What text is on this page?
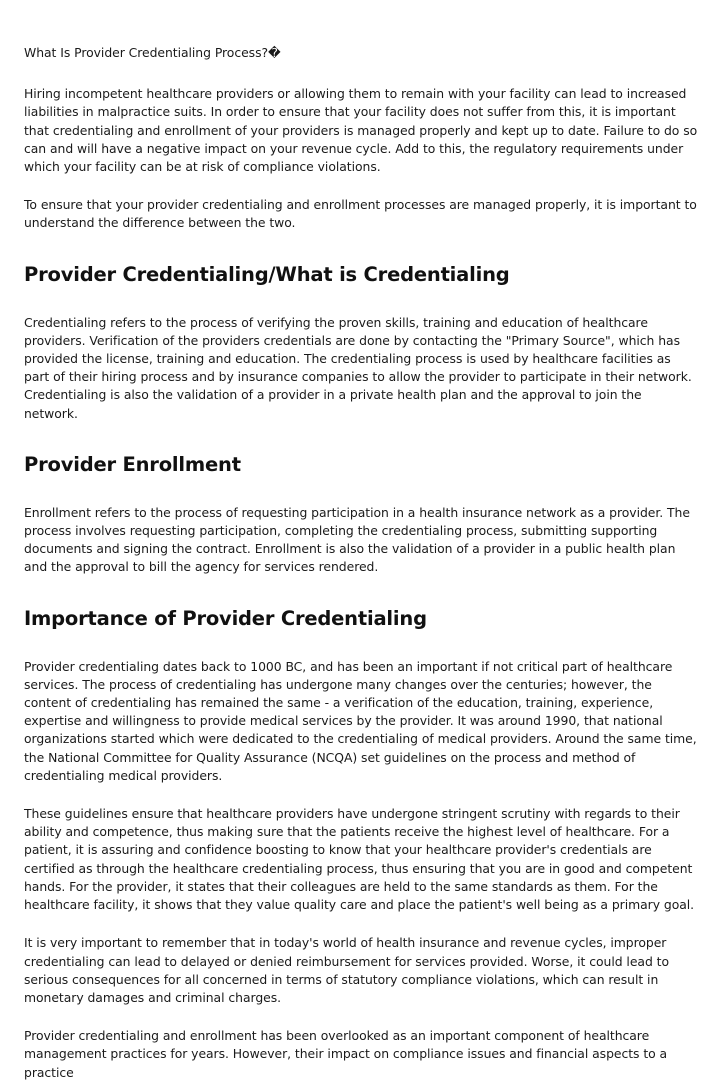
What Is Provider Credentialing Process?�

Hiring incompetent healthcare providers or allowing them to remain with your facility can lead to increased liabilities in malpractice suits. In order to ensure that your facility does not suffer from this, it is important that credentialing and enrollment of your providers is managed properly and kept up to date. Failure to do so can and will have a negative impact on your revenue cycle. Add to this, the regulatory requirements under which your facility can be at risk of compliance violations.

To ensure that your provider credentialing and enrollment processes are managed properly, it is important to understand the difference between the two.

Provider Credentialing/What is Credentialing

Credentialing refers to the process of verifying the proven skills, training and education of healthcare providers. Verification of the providers credentials are done by contacting the "Primary Source", which has provided the license, training and education. The credentialing process is used by healthcare facilities as part of their hiring process and by insurance companies to allow the provider to participate in their network. Credentialing is also the validation of a provider in a private health plan and the approval to join the network.

Provider Enrollment

Enrollment refers to the process of requesting participation in a health insurance network as a provider. The process involves requesting participation, completing the credentialing process, submitting supporting documents and signing the contract. Enrollment is also the validation of a provider in a public health plan and the approval to bill the agency for services rendered.

Importance of Provider Credentialing

Provider credentialing dates back to 1000 BC, and has been an important if not critical part of healthcare services. The process of credentialing has undergone many changes over the centuries; however, the content of credentialing has remained the same - a verification of the education, training, experience, expertise and willingness to provide medical services by the provider. It was around 1990, that national organizations started which were dedicated to the credentialing of medical providers. Around the same time, the National Committee for Quality Assurance (NCQA) set guidelines on the process and method of credentialing medical providers.

These guidelines ensure that healthcare providers have undergone stringent scrutiny with regards to their ability and competence, thus making sure that the patients receive the highest level of healthcare. For a patient, it is assuring and confidence boosting to know that your healthcare provider's credentials are certified as through the healthcare credentialing process, thus ensuring that you are in good and competent hands. For the provider, it states that their colleagues are held to the same standards as them. For the healthcare facility, it shows that they value quality care and place the patient's well being as a primary goal.

It is very important to remember that in today's world of health insurance and revenue cycles, improper credentialing can lead to delayed or denied reimbursement for services provided. Worse, it could lead to serious consequences for all concerned in terms of statutory compliance violations, which can result in monetary damages and criminal charges.

Provider credentialing and enrollment has been overlooked as an important component of healthcare management practices for years. However, their impact on compliance issues and financial aspects to a practice
